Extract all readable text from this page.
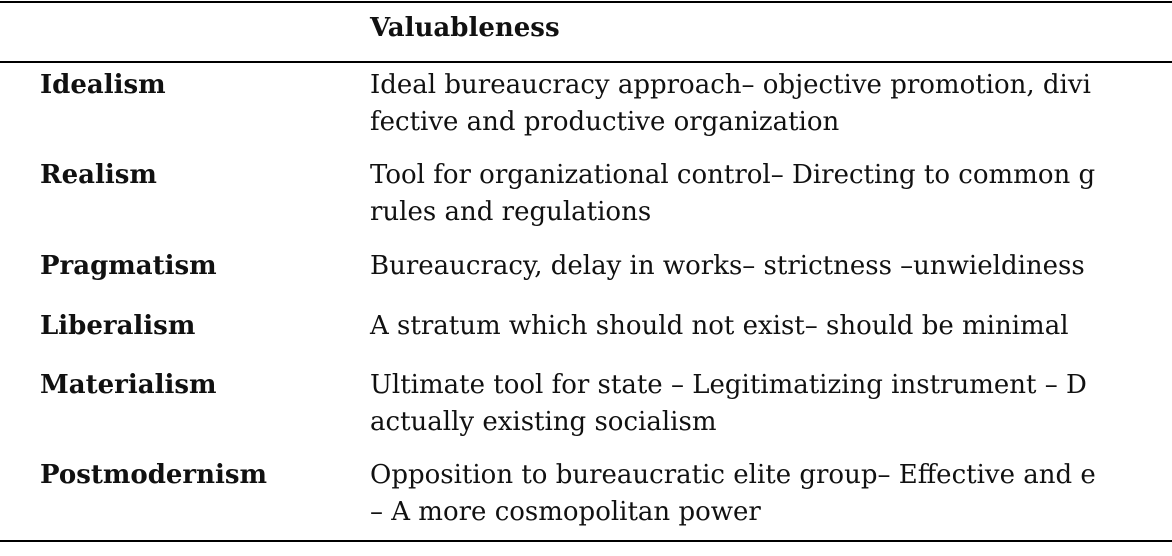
Valuableness
Idealism	Ideal bureaucracy approach– objective promotion, divi
fective and productive organization
Realism	Tool for organizational control– Directing to common g
rules and regulations
Pragmatism	Bureaucracy, delay in works– strictness –unwieldiness
Liberalism	A stratum which should not exist– should be minimal
Materialism	Ultimate tool for state – Legitimatizing instrument – D
actually existing socialism
Postmodernism	Opposition to bureaucratic elite group– Effective and e
– A more cosmopolitan power
